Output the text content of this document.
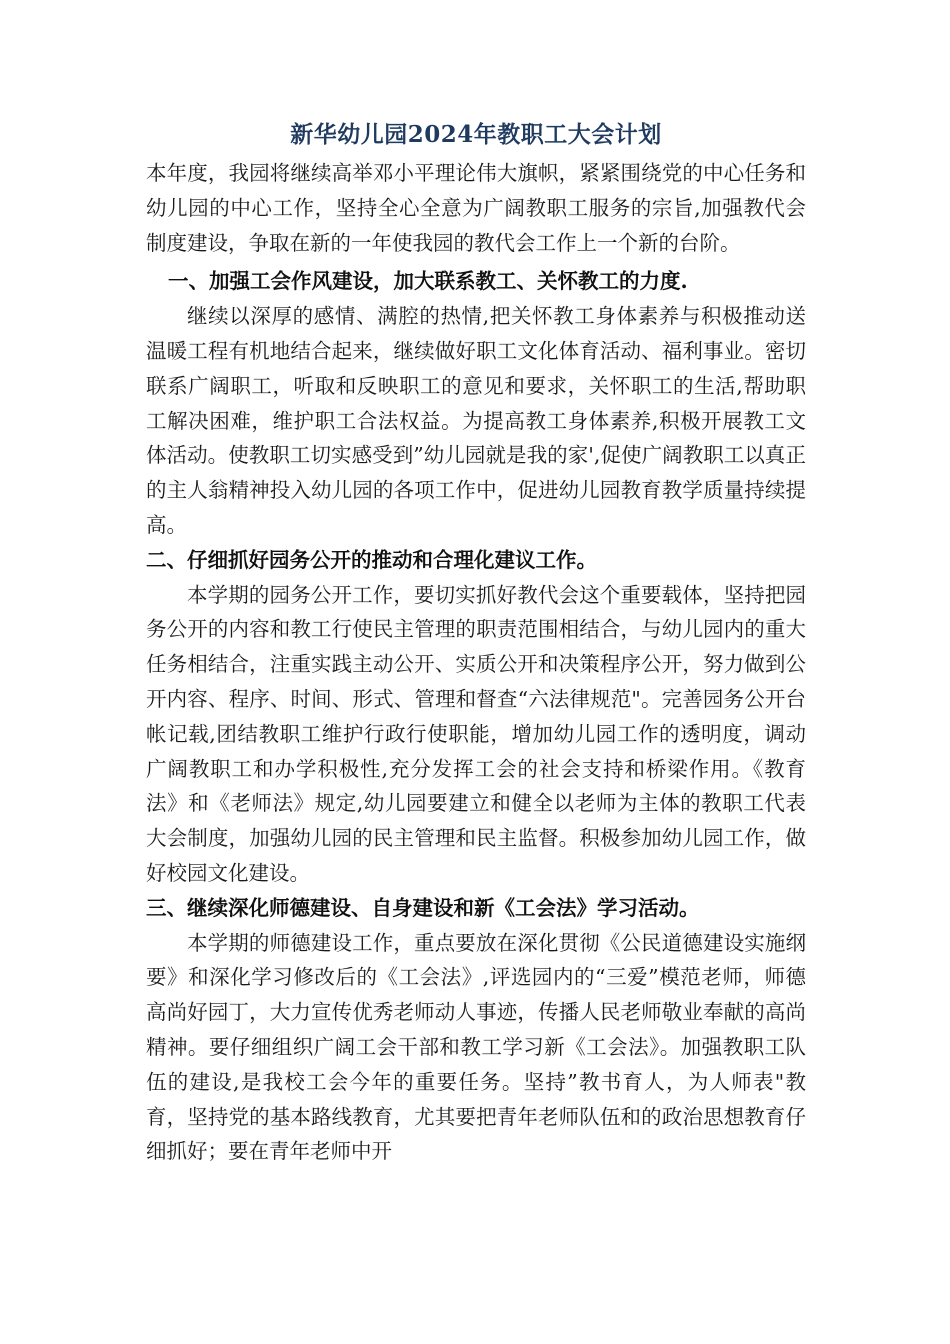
新华幼儿园2024年教职工大会计划

本年度，我园将继续高举邓小平理论伟大旗帜，紧紧围绕党的中心任务和幼儿园的中心工作，坚持全心全意为广阔教职工服务的宗旨,加强教代会制度建设，争取在新的一年使我园的教代会工作上一个新的台阶。

一、加强工会作风建设，加大联系教工、关怀教工的力度.

继续以深厚的感情、满腔的热情,把关怀教工身体素养与积极推动送温暖工程有机地结合起来，继续做好职工文化体育活动、福利事业。密切联系广阔职工，听取和反映职工的意见和要求，关怀职工的生活,帮助职工解决困难，维护职工合法权益。为提高教工身体素养,积极开展教工文体活动。使教职工切实感受到”幼儿园就是我的家',促使广阔教职工以真正的主人翁精神投入幼儿园的各项工作中，促进幼儿园教育教学质量持续提高。

二、仔细抓好园务公开的推动和合理化建议工作。

本学期的园务公开工作，要切实抓好教代会这个重要载体，坚持把园务公开的内容和教工行使民主管理的职责范围相结合，与幼儿园内的重大任务相结合，注重实践主动公开、实质公开和决策程序公开，努力做到公开内容、程序、时间、形式、管理和督查“六法律规范"。完善园务公开台帐记载,团结教职工维护行政行使职能，增加幼儿园工作的透明度，调动广阔教职工和办学积极性,充分发挥工会的社会支持和桥梁作用。《教育法》和《老师法》规定,幼儿园要建立和健全以老师为主体的教职工代表大会制度，加强幼儿园的民主管理和民主监督。积极参加幼儿园工作，做好校园文化建设。

三、继续深化师德建设、自身建设和新《工会法》学习活动。

本学期的师德建设工作，重点要放在深化贯彻《公民道德建设实施纲要》和深化学习修改后的《工会法》,评选园内的“三爱”模范老师，师德高尚好园丁，大力宣传优秀老师动人事迹，传播人民老师敬业奉献的高尚精神。要仔细组织广阔工会干部和教工学习新《工会法》。加强教职工队伍的建设,是我校工会今年的重要任务。坚持”教书育人，为人师表"教育，坚持党的基本路线教育，尤其要把青年老师队伍和的政治思想教育仔细抓好；要在青年老师中开
